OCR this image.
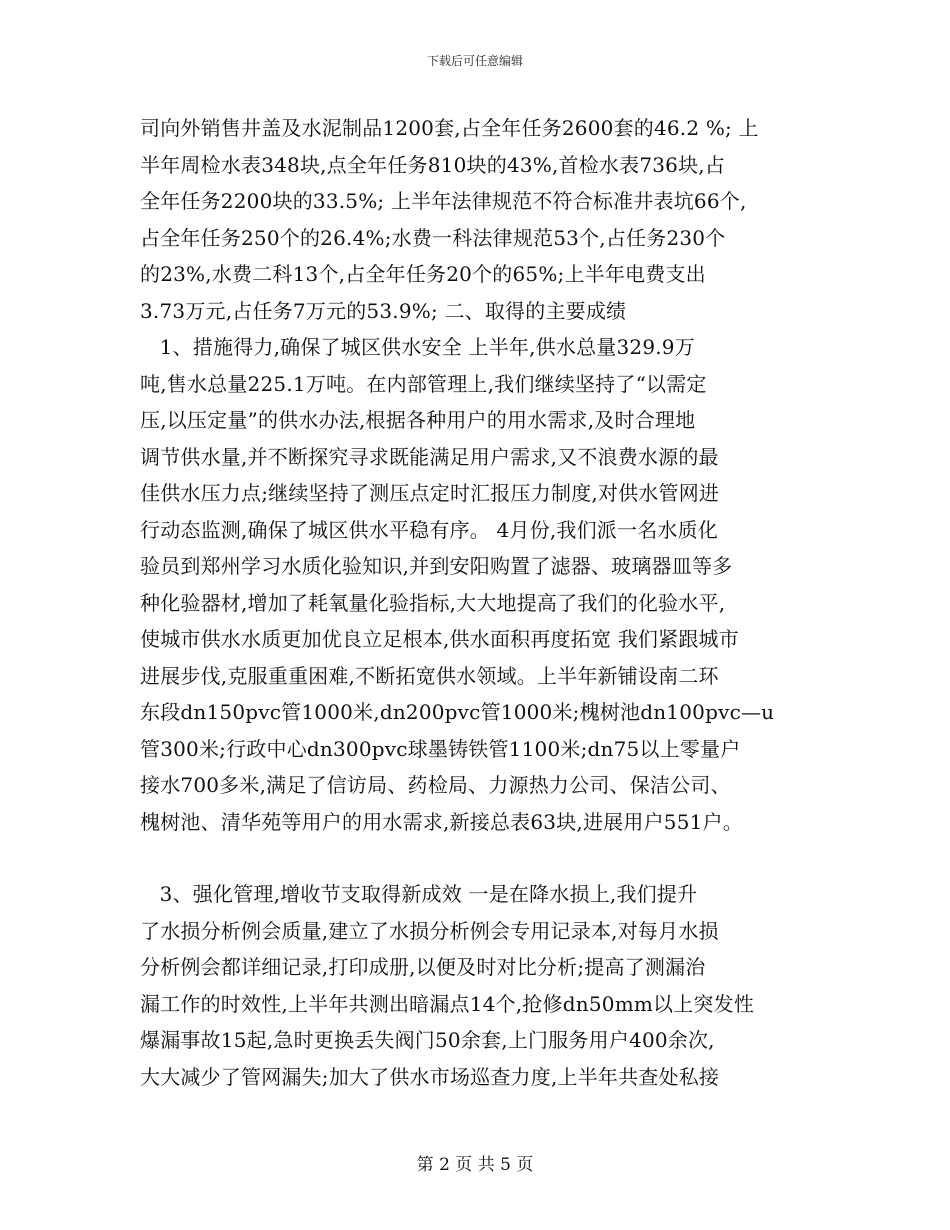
下载后可任意编辑
司向外销售井盖及水泥制品1200套,占全年任务2600套的46.2 %; 上
半年周检水表348块,点全年任务810块的43%,首检水表736块,占
全年任务2200块的33.5%; 上半年法律规范不符合标准井表坑66个,
占全年任务250个的26.4%;水费一科法律规范53个,占任务230个
的23%,水费二科13个,占全年任务20个的65%;上半年电费支出
3.73万元,占任务7万元的53.9%; 二、取得的主要成绩
1、措施得力,确保了城区供水安全 上半年,供水总量329.9万
吨,售水总量225.1万吨。在内部管理上,我们继续坚持了“以需定
压,以压定量”的供水办法,根据各种用户的用水需求,及时合理地
调节供水量,并不断探究寻求既能满足用户需求,又不浪费水源的最
佳供水压力点;继续坚持了测压点定时汇报压力制度,对供水管网进
行动态监测,确保了城区供水平稳有序。 4月份,我们派一名水质化
验员到郑州学习水质化验知识,并到安阳购置了滤器、玻璃器皿等多
种化验器材,增加了耗氧量化验指标,大大地提高了我们的化验水平,
使城市供水水质更加优良立足根本,供水面积再度拓宽 我们紧跟城市
进展步伐,克服重重困难,不断拓宽供水领域。上半年新铺设南二环
东段dn150pvc管1000米,dn200pvc管1000米;槐树池dn100pvc—u
管300米;行政中心dn300pvc球墨铸铁管1100米;dn75以上零量户
接水700多米,满足了信访局、药检局、力源热力公司、保洁公司、
槐树池、清华苑等用户的用水需求,新接总表63块,进展用户551户。
3、强化管理,增收节支取得新成效 一是在降水损上,我们提升
了水损分析例会质量,建立了水损分析例会专用记录本,对每月水损
分析例会都详细记录,打印成册,以便及时对比分析;提高了测漏治
漏工作的时效性,上半年共测出暗漏点14个,抢修dn50mm以上突发性
爆漏事故15起,急时更换丢失阀门50余套,上门服务用户400余次,
大大减少了管网漏失;加大了供水市场巡查力度,上半年共查处私接
第 2 页 共 5 页
